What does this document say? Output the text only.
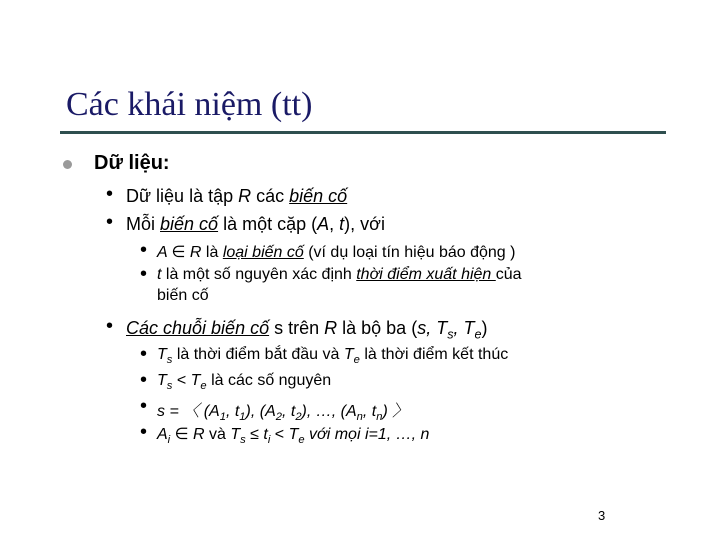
Các khái niệm (tt)
Dữ liệu:
• Dữ liệu là tập R các biến cố
• Mỗi biến cố là một cặp (A, t), với
• A ∈ R là loại biến cố (ví dụ loại tín hiệu báo động )
• t là một số nguyên xác định thời điểm xuất hiện của
biến cố
• Các chuỗi biến cố s trên R là bộ ba (s, $T_s$, $T_e$)
• $T_s$ là thời điểm bắt đầu và $T_e$ là thời điểm kết thúc
• $T_s < T_e$ là các số nguyên
• s = 〈 ($A_1$, $t_1$), ($A_2$, $t_2$), …, ($A_n$, $t_n$) 〉
• $A_i$ ∈ R và $T_s \le t_i < T_e$ với mọi i=1, …, n
3
